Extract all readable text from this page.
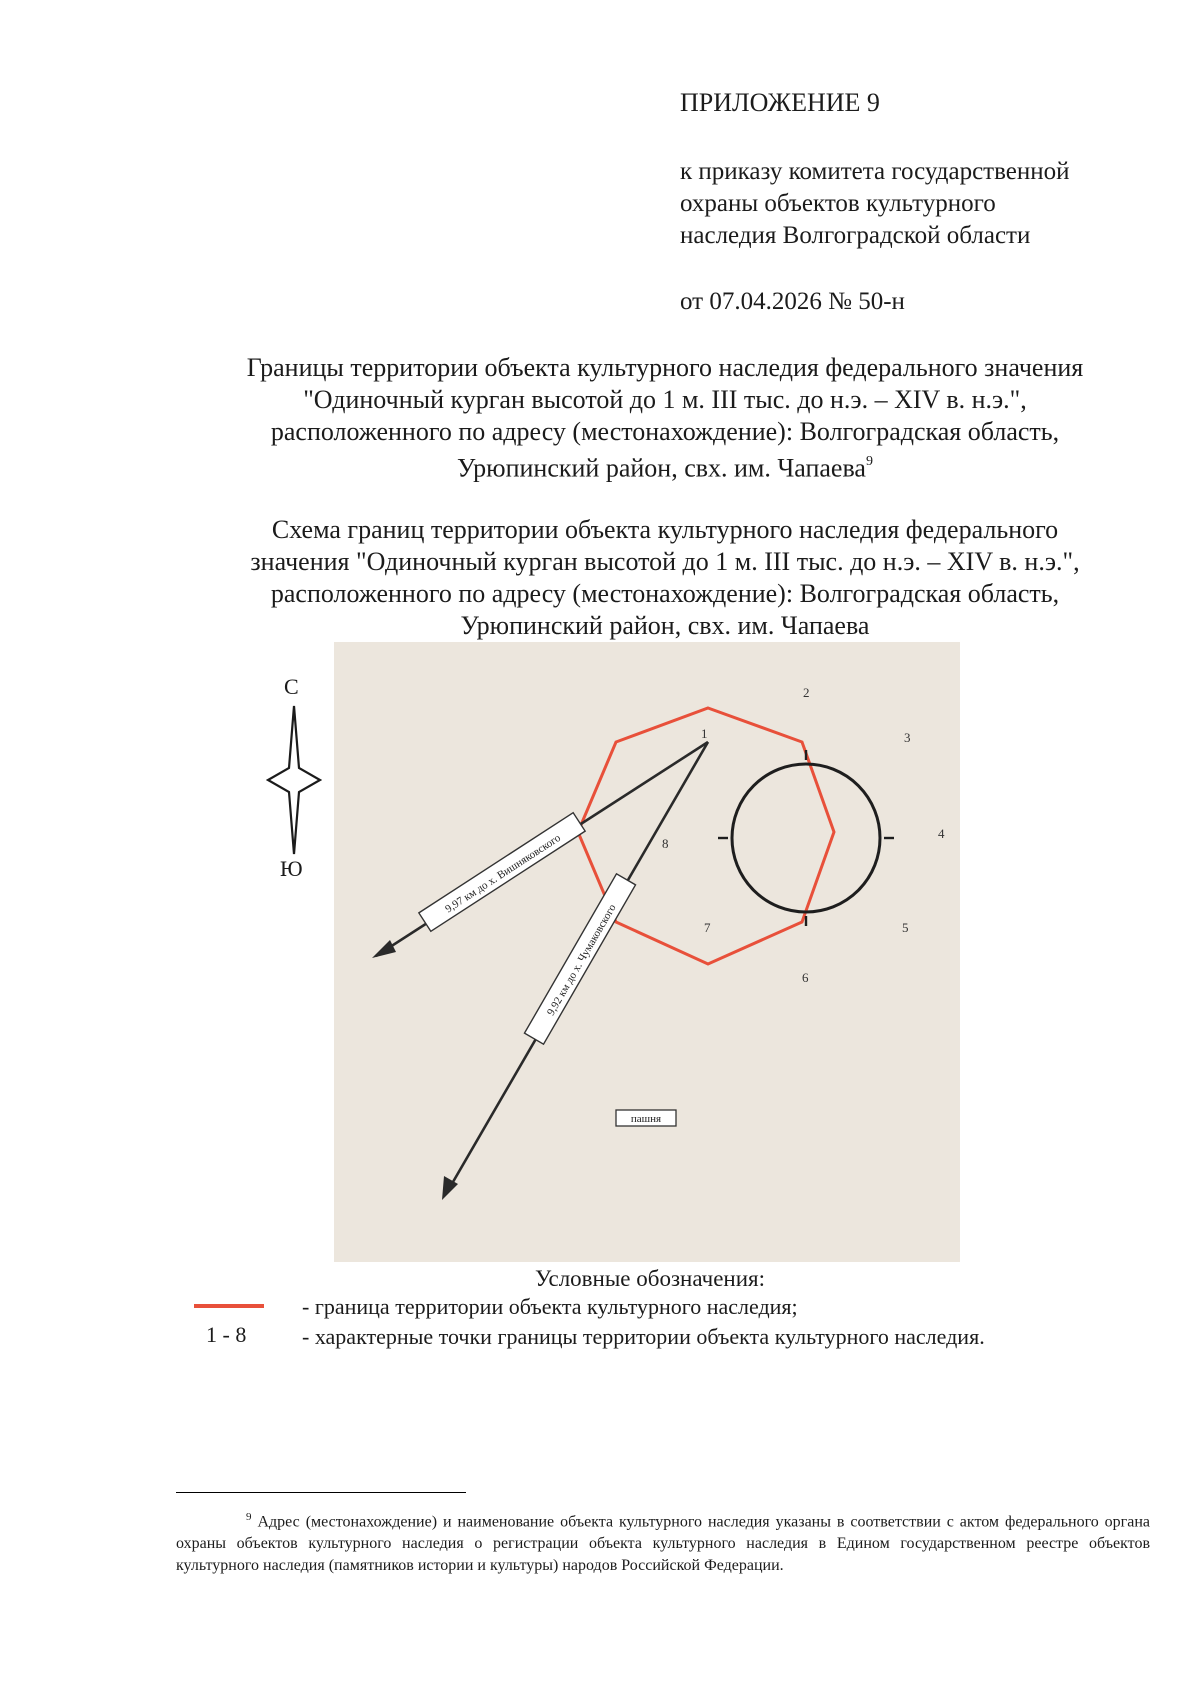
ПРИЛОЖЕНИЕ 9
к приказу комитета государственной
охраны объектов культурного
наследия Волгоградской области
от 07.04.2026 № 50-н
Границы территории объекта культурного наследия федерального значения
"Одиночный курган высотой до 1 м. III тыс. до н.э. – XIV в. н.э.",
расположенного по адресу (местонахождение): Волгоградская область,
Урюпинский район, свх. им. Чапаева$^9$
Схема границ территории объекта культурного наследия федерального
значения "Одиночный курган высотой до 1 м. III тыс. до н.э. – XIV в. н.э.",
расположенного по адресу (местонахождение): Волгоградская область,
Урюпинский район, свх. им. Чапаева
С
Ю	9,97 км до х. Вишняковского
9,92 км до х. Чумаковского
пашня
1
2
3
4
5
6
7
8
Условные обозначения:
- граница территории объекта культурного наследия;
1 - 8	- характерные точки границы территории объекта культурного наследия.
$^9$ Адрес (местонахождение) и наименование объекта культурного наследия указаны в соответствии с актом федерального органа охраны объектов культурного наследия о регистрации объекта культурного наследия в Едином государственном реестре объектов культурного наследия (памятников истории и культуры) народов Российской Федерации.
